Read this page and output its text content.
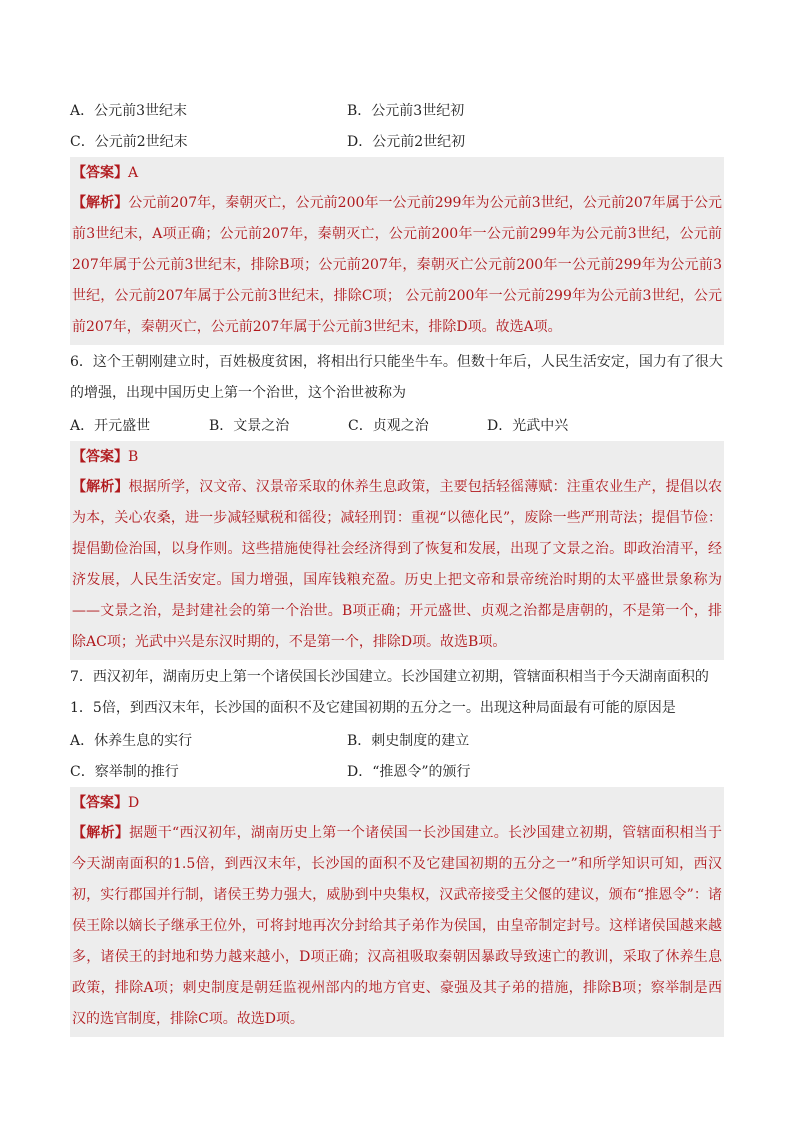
A．公元前3世纪末	B．公元前3世纪初
C．公元前2世纪末	D．公元前2世纪初
【答案】A
【解析】公元前207年，秦朝灭亡，公元前200年一公元前299年为公元前3世纪，公元前207年属于公元前3世纪末，A项正确；公元前207年，秦朝灭亡，公元前200年一公元前299年为公元前3世纪，公元前207年属于公元前3世纪末，排除B项；公元前207年，秦朝灭亡公元前200年一公元前299年为公元前3世纪，公元前207年属于公元前3世纪末，排除C项； 公元前200年一公元前299年为公元前3世纪，公元前207年，秦朝灭亡，公元前207年属于公元前3世纪末，排除D项。故选A项。

6．这个王朝刚建立时，百姓极度贫困，将相出行只能坐牛车。但数十年后，人民生活安定，国力有了很大的增强，出现中国历史上第一个治世，这个治世被称为

A．开元盛世	B．文景之治	C．贞观之治	D．光武中兴
【答案】B
【解析】根据所学，汉文帝、汉景帝采取的休养生息政策，主要包括轻徭薄赋：注重农业生产，提倡以农为本，关心农桑，进一步减轻赋税和徭役；减轻刑罚：重视“以德化民”，废除一些严刑苛法；提倡节俭：提倡勤俭治国，以身作则。这些措施使得社会经济得到了恢复和发展，出现了文景之治。即政治清平，经济发展，人民生活安定。国力增强，国库钱粮充盈。历史上把文帝和景帝统治时期的太平盛世景象称为——文景之治，是封建社会的第一个治世。B项正确；开元盛世、贞观之治都是唐朝的，不是第一个，排除AC项；光武中兴是东汉时期的，不是第一个，排除D项。故选B项。

7．西汉初年，湖南历史上第一个诸侯国长沙国建立。长沙国建立初期，管辖面积相当于今天湖南面积的1．5倍，到西汉末年，长沙国的面积不及它建国初期的五分之一。出现这种局面最有可能的原因是

A．休养生息的实行	B．刺史制度的建立
C．察举制的推行	D．“推恩令”的颁行
【答案】D
【解析】据题干“西汉初年，湖南历史上第一个诸侯国一长沙国建立。长沙国建立初期，管辖面积相当于今天湖南面积的1.5倍，到西汉末年，长沙国的面积不及它建国初期的五分之一”和所学知识可知，西汉初，实行郡国并行制，诸侯王势力强大，威胁到中央集权，汉武帝接受主父偃的建议，颁布“推恩令”：诸侯王除以嫡长子继承王位外，可将封地再次分封给其子弟作为侯国，由皇帝制定封号。这样诸侯国越来越多，诸侯王的封地和势力越来越小，D项正确；汉高祖吸取秦朝因暴政导致速亡的教训，采取了休养生息政策，排除A项；刺史制度是朝廷监视州部内的地方官吏、豪强及其子弟的措施，排除B项；察举制是西汉的选官制度，排除C项。故选D项。
